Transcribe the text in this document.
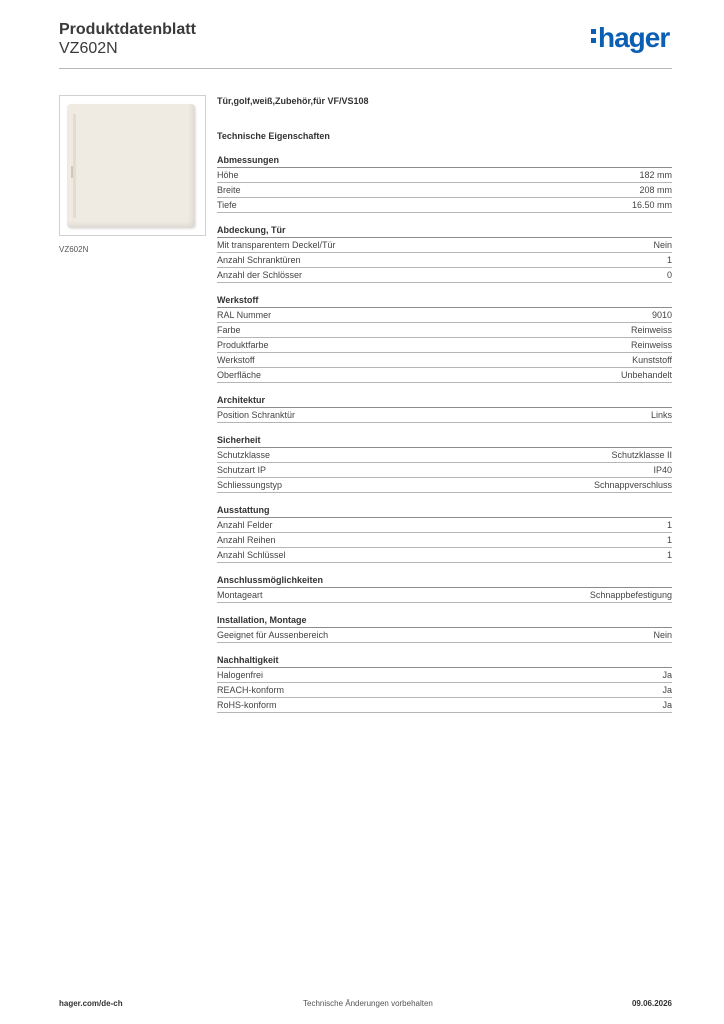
Produktdatenblatt
VZ602N	hager
VZ602N
Tür,golf,weiß,Zubehör,für VF/VS108
Technische Eigenschaften
Abmessungen
Höhe	182 mm
Breite	208 mm
Tiefe	16.50 mm
Abdeckung, Tür
Mit transparentem Deckel/Tür	Nein
Anzahl Schranktüren	1
Anzahl der Schlösser	0
Werkstoff
RAL Nummer	9010
Farbe	Reinweiss
Produktfarbe	Reinweiss
Werkstoff	Kunststoff
Oberfläche	Unbehandelt
Architektur
Position Schranktür	Links
Sicherheit
Schutzklasse	Schutzklasse II
Schutzart IP	IP40
Schliessungstyp	Schnappverschluss
Ausstattung
Anzahl Felder	1
Anzahl Reihen	1
Anzahl Schlüssel	1
Anschlussmöglichkeiten
Montageart	Schnappbefestigung
Installation, Montage
Geeignet für Aussenbereich	Nein
Nachhaltigkeit
Halogenfrei	Ja
REACH-konform	Ja
RoHS-konform	Ja
hager.com/de-ch	Technische Änderungen vorbehalten	09.06.2026
